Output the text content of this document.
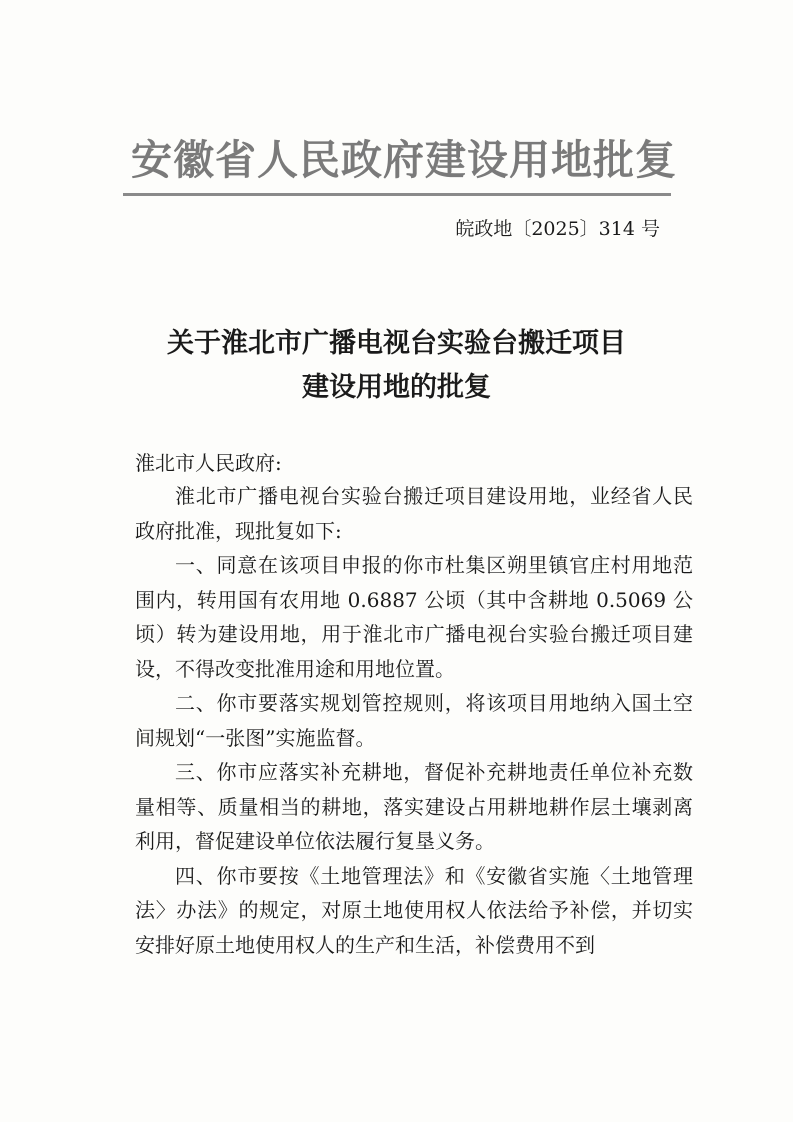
安徽省人民政府建设用地批复
皖政地〔2025〕314 号
关于淮北市广播电视台实验台搬迁项目
建设用地的批复
淮北市人民政府:

淮北市广播电视台实验台搬迁项目建设用地，业经省人民政府批准，现批复如下:

一、同意在该项目申报的你市杜集区朔里镇官庄村用地范围内，转用国有农用地 0.6887 公顷（其中含耕地 0.5069 公顷）转为建设用地，用于淮北市广播电视台实验台搬迁项目建设，不得改变批准用途和用地位置。

二、你市要落实规划管控规则，将该项目用地纳入国土空间规划“一张图”实施监督。

三、你市应落实补充耕地，督促补充耕地责任单位补充数量相等、质量相当的耕地，落实建设占用耕地耕作层土壤剥离利用，督促建设单位依法履行复垦义务。

四、你市要按《土地管理法》和《安徽省实施〈土地管理法〉办法》的规定，对原土地使用权人依法给予补偿，并切实安排好原土地使用权人的生产和生活，补偿费用不到
